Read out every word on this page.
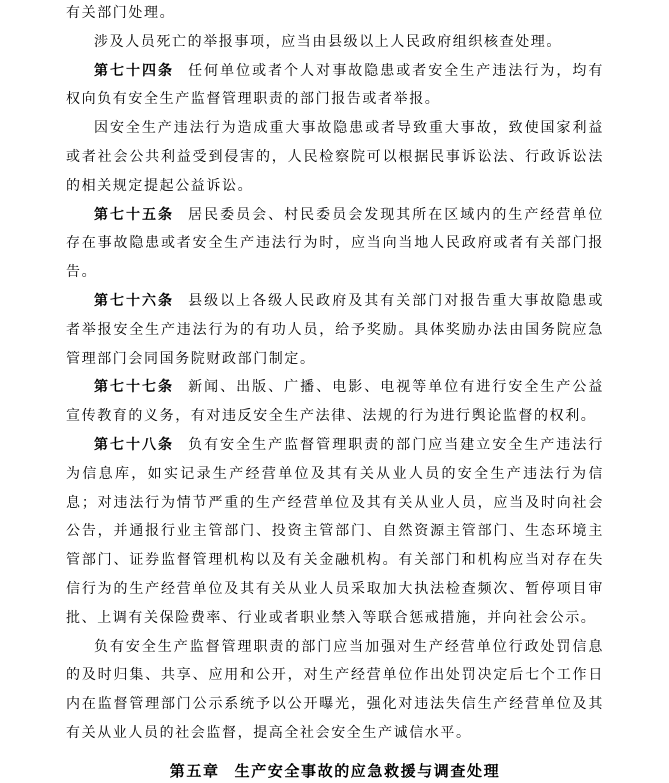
有关部门处理。

涉及人员死亡的举报事项，应当由县级以上人民政府组织核查处理。

第七十四条 任何单位或者个人对事故隐患或者安全生产违法行为，均有权向负有安全生产监督管理职责的部门报告或者举报。

因安全生产违法行为造成重大事故隐患或者导致重大事故，致使国家利益或者社会公共利益受到侵害的，人民检察院可以根据民事诉讼法、行政诉讼法的相关规定提起公益诉讼。

第七十五条 居民委员会、村民委员会发现其所在区域内的生产经营单位存在事故隐患或者安全生产违法行为时，应当向当地人民政府或者有关部门报告。

第七十六条 县级以上各级人民政府及其有关部门对报告重大事故隐患或者举报安全生产违法行为的有功人员，给予奖励。具体奖励办法由国务院应急管理部门会同国务院财政部门制定。

第七十七条 新闻、出版、广播、电影、电视等单位有进行安全生产公益宣传教育的义务，有对违反安全生产法律、法规的行为进行舆论监督的权利。

第七十八条 负有安全生产监督管理职责的部门应当建立安全生产违法行为信息库，如实记录生产经营单位及其有关从业人员的安全生产违法行为信息；对违法行为情节严重的生产经营单位及其有关从业人员，应当及时向社会公告，并通报行业主管部门、投资主管部门、自然资源主管部门、生态环境主管部门、证券监督管理机构以及有关金融机构。有关部门和机构应当对存在失信行为的生产经营单位及其有关从业人员采取加大执法检查频次、暂停项目审批、上调有关保险费率、行业或者职业禁入等联合惩戒措施，并向社会公示。

负有安全生产监督管理职责的部门应当加强对生产经营单位行政处罚信息的及时归集、共享、应用和公开，对生产经营单位作出处罚决定后七个工作日内在监督管理部门公示系统予以公开曝光，强化对违法失信生产经营单位及其有关从业人员的社会监督，提高全社会安全生产诚信水平。

第五章 生产安全事故的应急救援与调查处理
